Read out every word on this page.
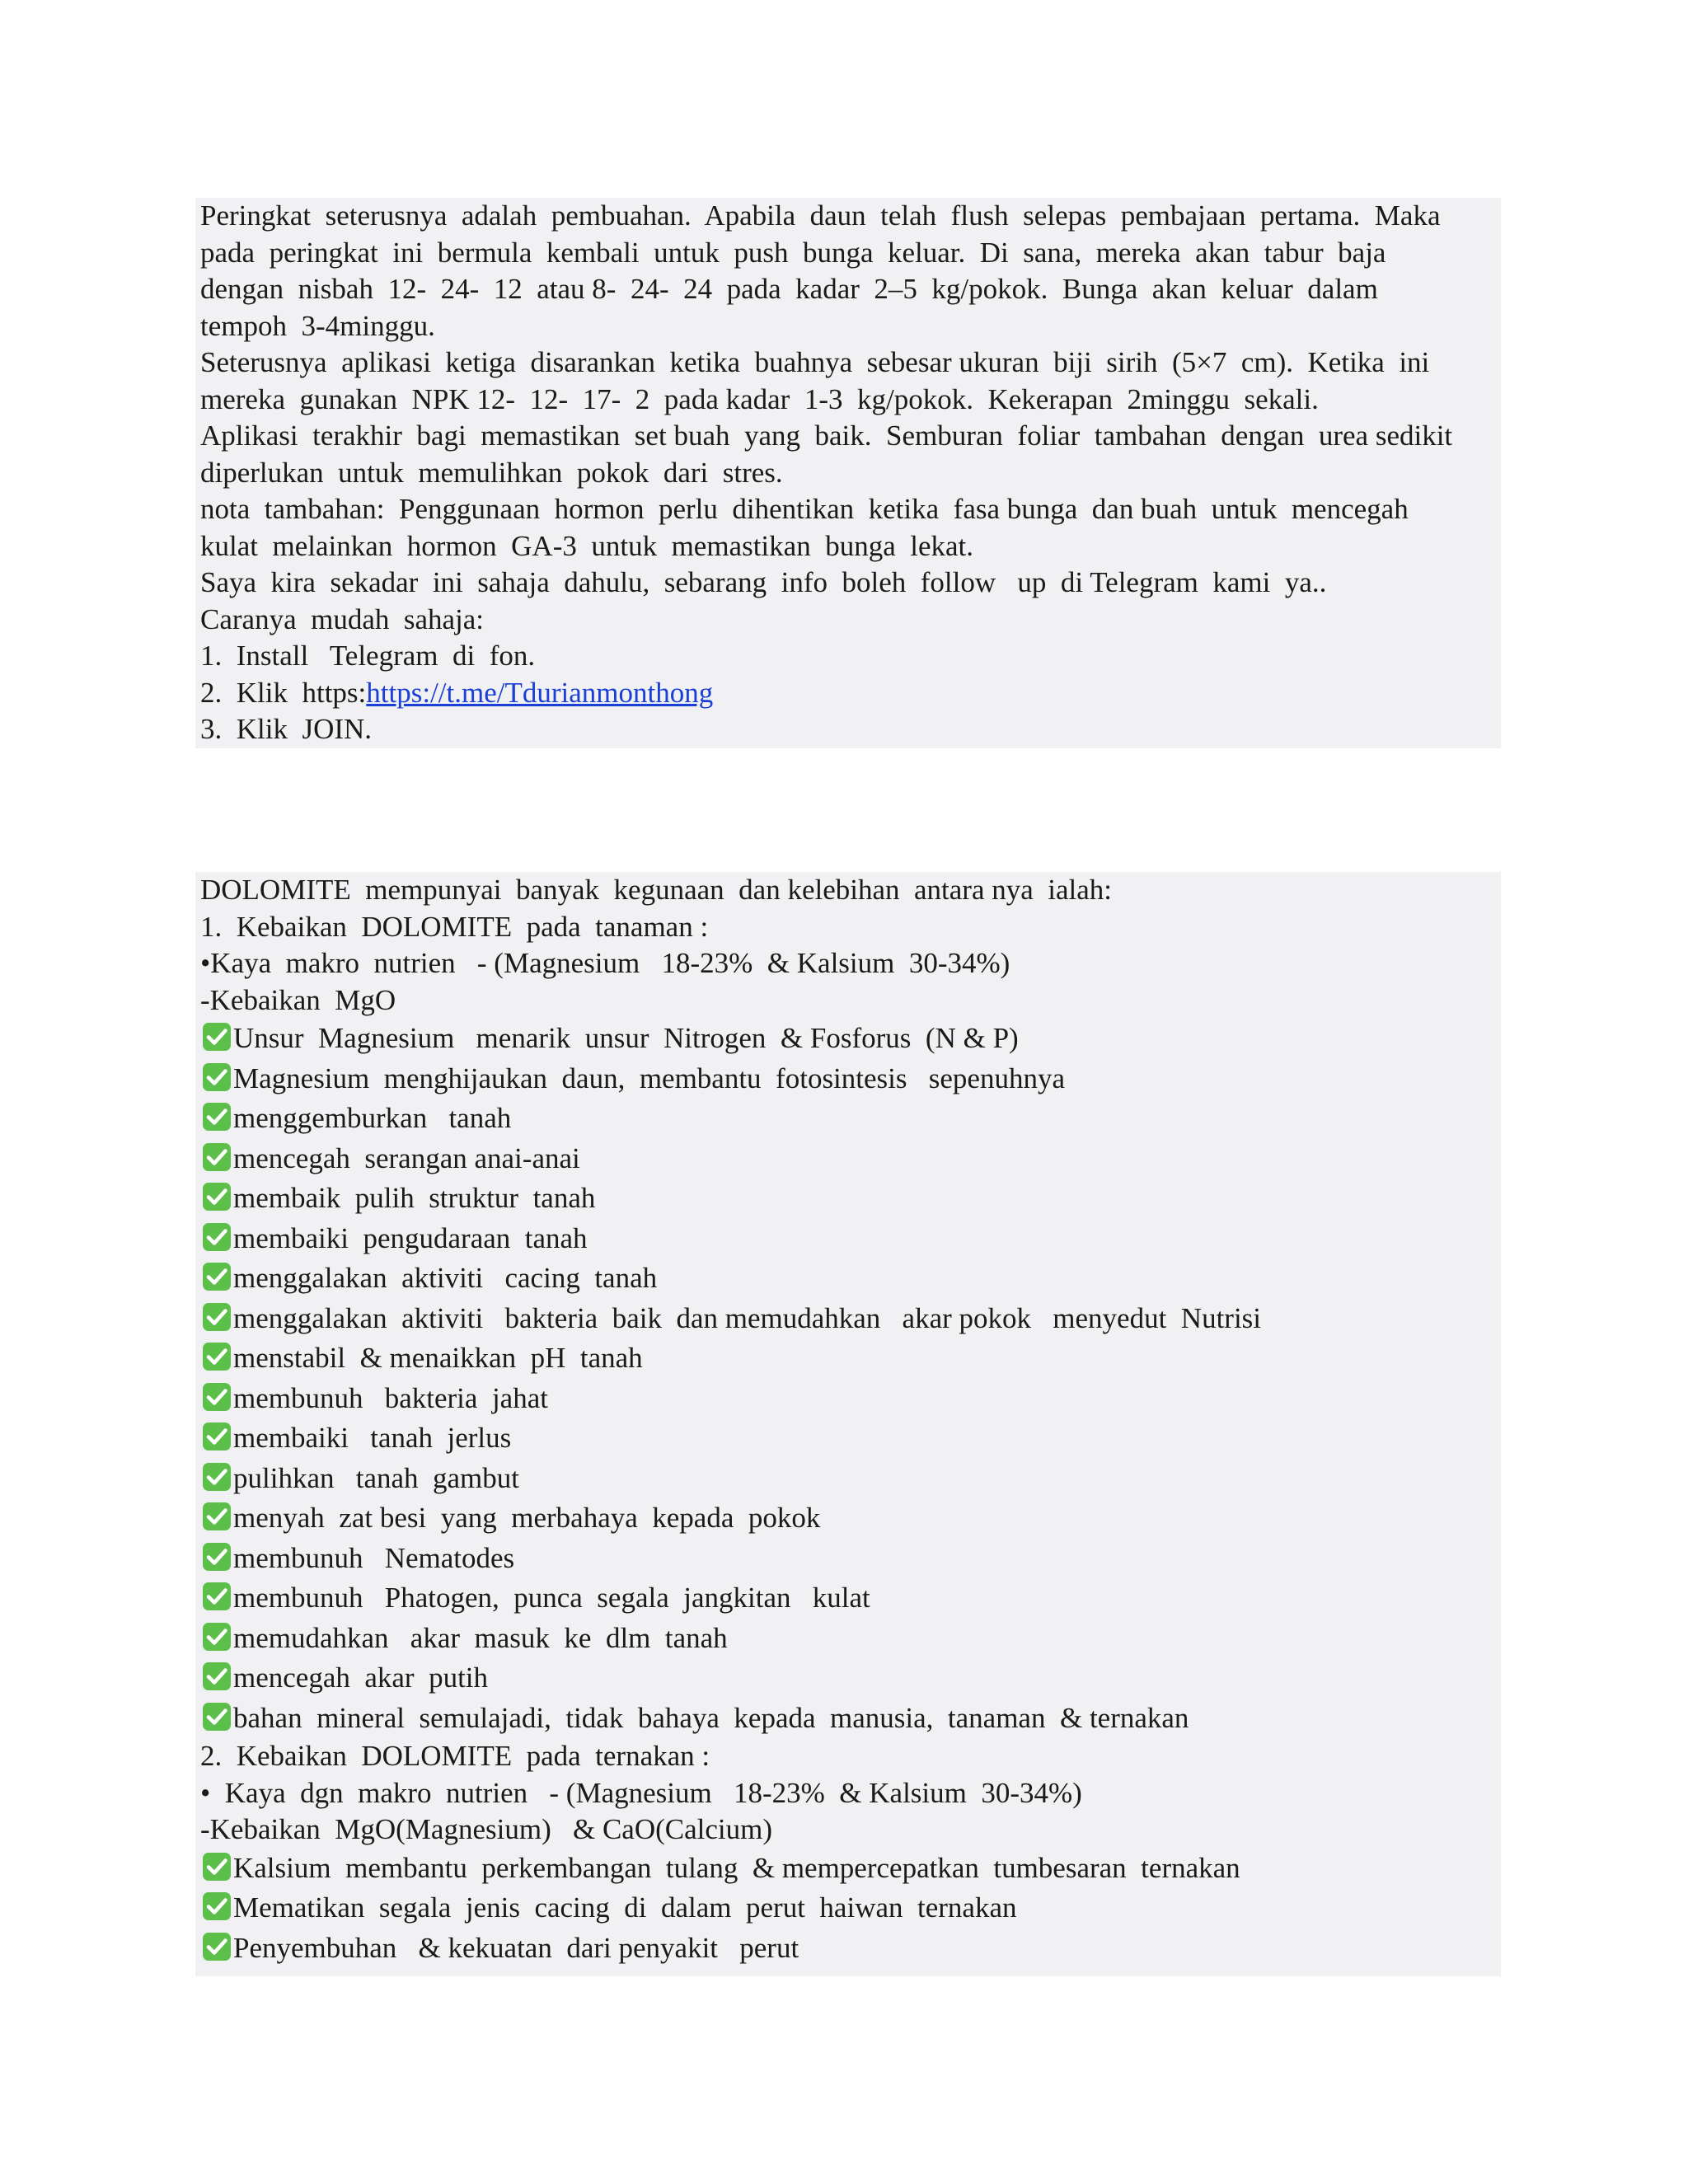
Peringkat  seterusnya  adalah  pembuahan.  Apabila  daun  telah  flush  selepas  pembajaan  pertama.  Maka
pada  peringkat  ini  bermula  kembali  untuk  push  bunga  keluar.  Di  sana,  mereka  akan  tabur  baja
dengan  nisbah  12-  24-  12  atau 8-  24-  24  pada  kadar  2–5  kg/pokok.  Bunga  akan  keluar  dalam
tempoh  3-4minggu.
Seterusnya  aplikasi  ketiga  disarankan  ketika  buahnya  sebesar ukuran  biji  sirih  (5×7  cm).  Ketika  ini
mereka  gunakan  NPK 12-  12-  17-  2  pada kadar  1-3  kg/pokok.  Kekerapan  2minggu  sekali.
Aplikasi  terakhir  bagi  memastikan  set buah  yang  baik.  Semburan  foliar  tambahan  dengan  urea sedikit
diperlukan  untuk  memulihkan  pokok  dari  stres.
nota  tambahan:  Penggunaan  hormon  perlu  dihentikan  ketika  fasa bunga  dan buah  untuk  mencegah
kulat  melainkan  hormon  GA-3  untuk  memastikan  bunga  lekat.
Saya  kira  sekadar  ini  sahaja  dahulu,  sebarang  info  boleh  follow   up  di Telegram  kami  ya..
Caranya  mudah  sahaja:
1.  Install   Telegram  di  fon.
2.  Klik  https:https://t.me/Tdurianmonthong
3.  Klik  JOIN.
DOLOMITE  mempunyai  banyak  kegunaan  dan kelebihan  antara nya  ialah:
1.  Kebaikan  DOLOMITE  pada  tanaman :
•Kaya  makro  nutrien   - (Magnesium   18-23%  & Kalsium  30-34%)
-Kebaikan  MgO
Unsur  Magnesium   menarik  unsur  Nitrogen  & Fosforus  (N & P)
Magnesium  menghijaukan  daun,  membantu  fotosintesis   sepenuhnya
menggemburkan   tanah
mencegah  serangan anai-anai
membaik  pulih  struktur  tanah
membaiki  pengudaraan  tanah
menggalakan  aktiviti   cacing  tanah
menggalakan  aktiviti   bakteria  baik  dan memudahkan   akar pokok   menyedut  Nutrisi
menstabil  & menaikkan  pH  tanah
membunuh   bakteria  jahat
membaiki   tanah  jerlus
pulihkan   tanah  gambut
menyah  zat besi  yang  merbahaya  kepada  pokok
membunuh   Nematodes
membunuh   Phatogen,  punca  segala  jangkitan   kulat
memudahkan   akar  masuk  ke  dlm  tanah
mencegah  akar  putih
bahan  mineral  semulajadi,  tidak  bahaya  kepada  manusia,  tanaman  & ternakan
2.  Kebaikan  DOLOMITE  pada  ternakan :
•  Kaya  dgn  makro  nutrien   - (Magnesium   18-23%  & Kalsium  30-34%)
-Kebaikan  MgO(Magnesium)   & CaO(Calcium)
Kalsium  membantu  perkembangan  tulang  & mempercepatkan  tumbesaran  ternakan
Mematikan  segala  jenis  cacing  di  dalam  perut  haiwan  ternakan
Penyembuhan   & kekuatan  dari penyakit   perut
